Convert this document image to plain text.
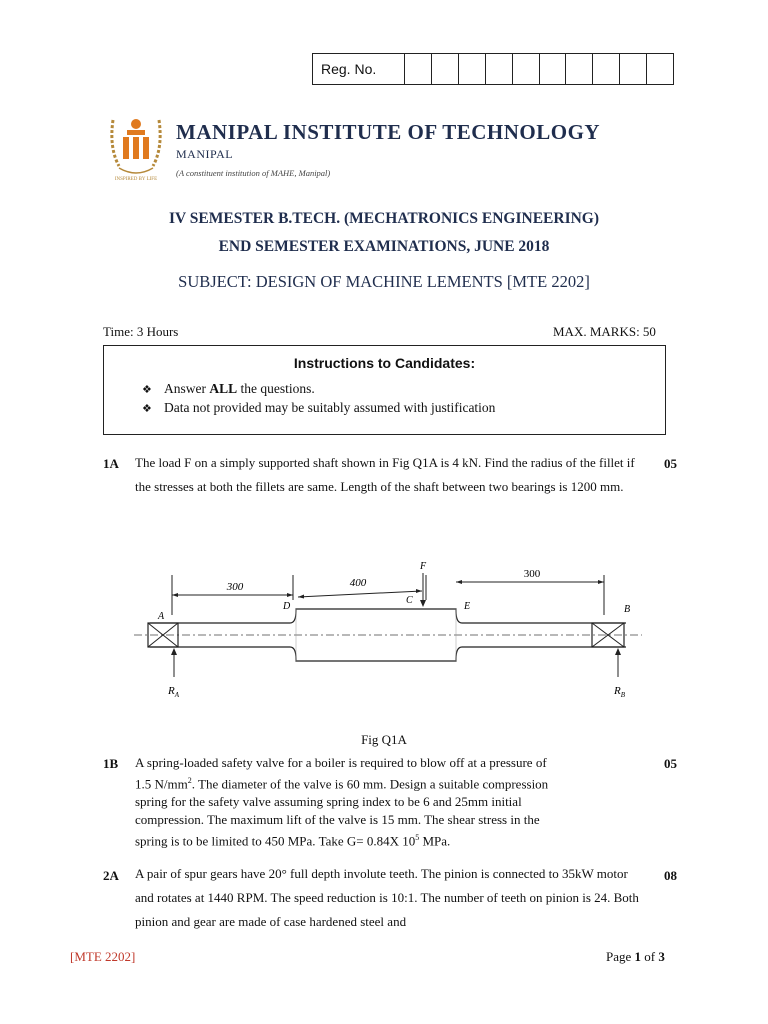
Reg. No.
INSPIRED BY LIFE
MANIPAL INSTITUTE OF TECHNOLOGY
MANIPAL
(A constituent institution of MAHE, Manipal)
IV SEMESTER B.TECH. (MECHATRONICS ENGINEERING)
END SEMESTER EXAMINATIONS, JUNE 2018
SUBJECT: DESIGN OF MACHINE LEMENTS [MTE 2202]
Time: 3 Hours	MAX. MARKS: 50
Instructions to Candidates:
❖ Answer ALL the questions.
❖ Data not provided may be suitably assumed with justification
1A The load F on a simply supported shaft shown in Fig Q1A is 4 kN. Find the radius of the fillet if the stresses at both the fillets are same. Length of the shaft between two bearings is 1200 mm.
05
300	400
300
F
A
B
C
D	E
$R_A$	$R_B$
Fig Q1A
1B A spring-loaded safety valve for a boiler is required to blow off at a pressure of
1.5 $N/mm^2$. The diameter of the valve is 60 mm. Design a suitable compression
spring for the safety valve assuming spring index to be 6 and 25mm initial
compression. The maximum lift of the valve is 15 mm. The shear stress in the
spring is to be limited to 450 MPa. Take G= 0.84X $10^5$ MPa.
05
2A A pair of spur gears have 20° full depth involute teeth. The pinion is connected to 35kW motor and rotates at 1440 RPM. The speed reduction is 10:1. The number of teeth on pinion is 24. Both pinion and gear are made of case hardened steel and
08
[MTE 2202]	Page 1 of 3
